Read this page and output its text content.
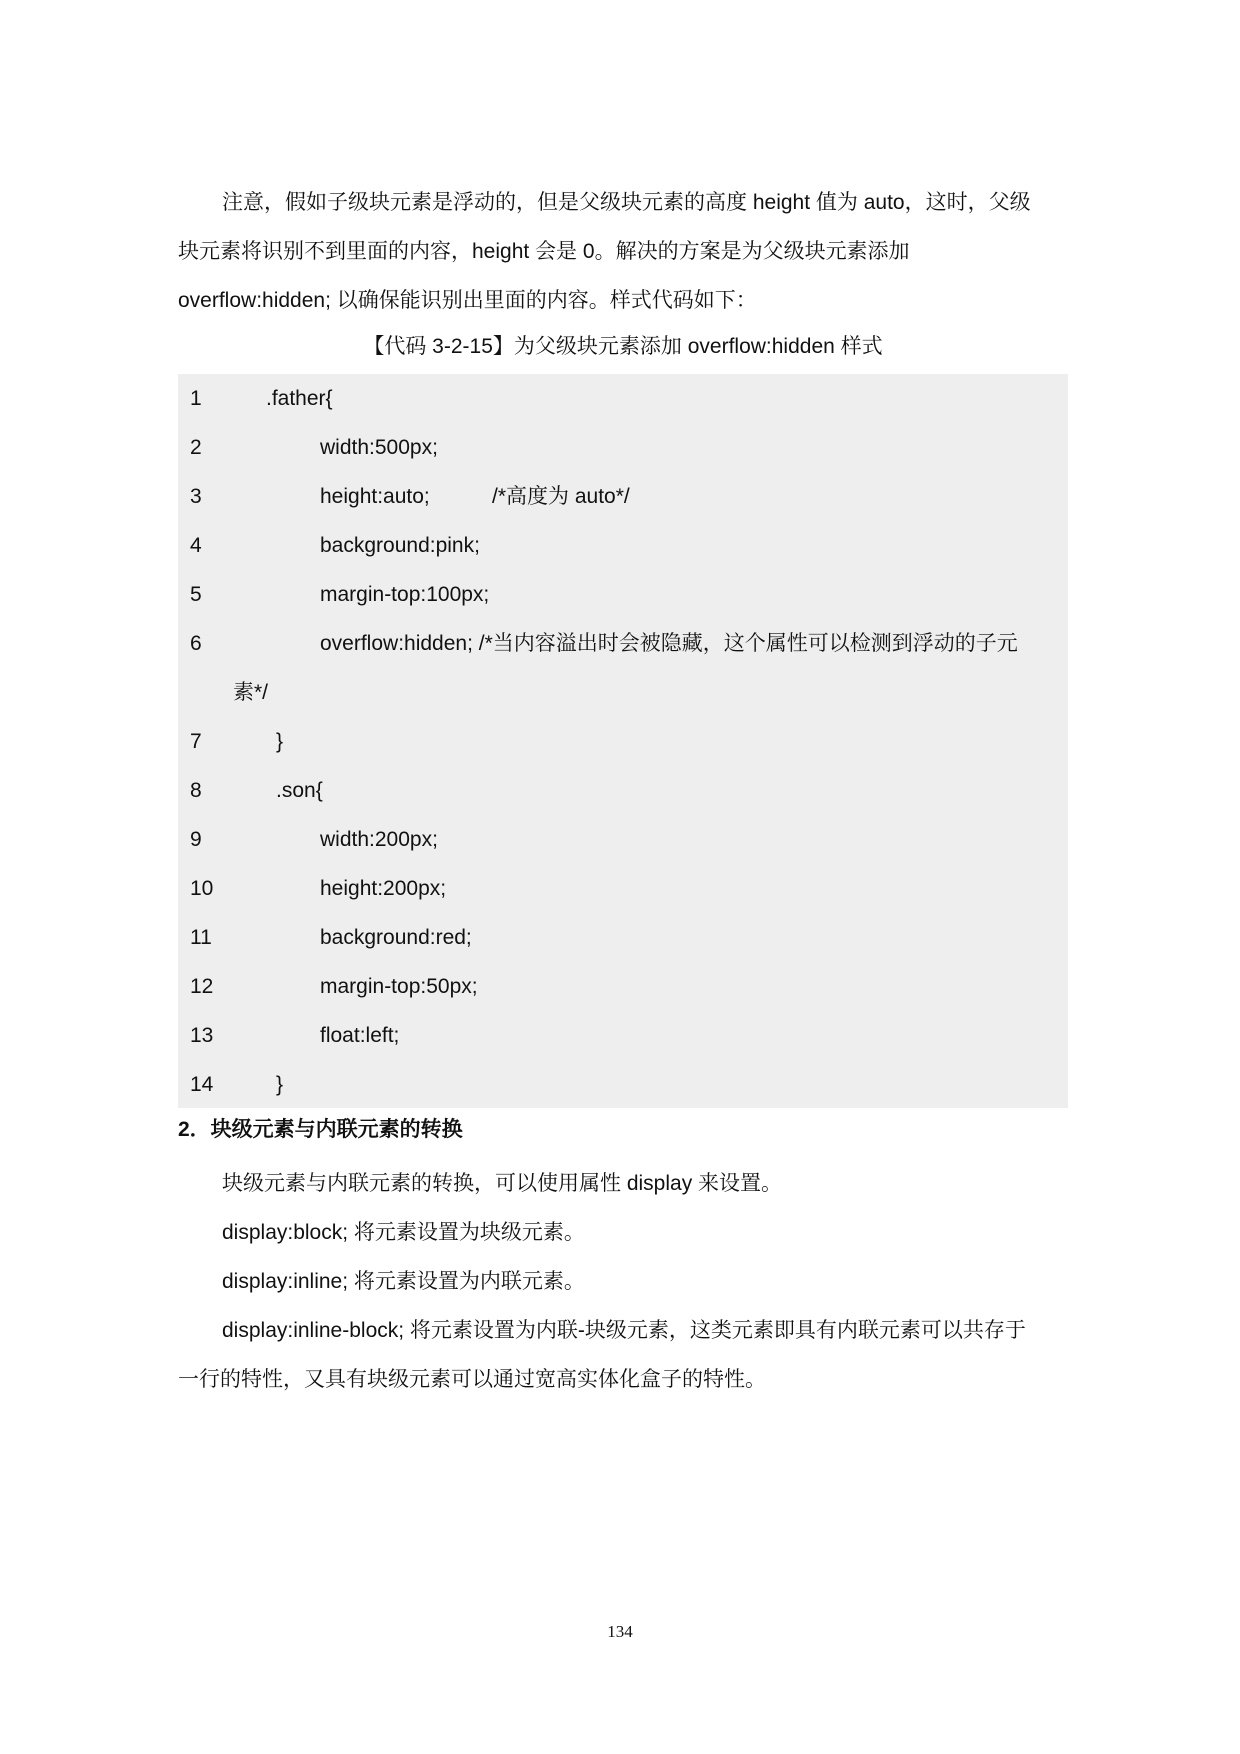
注意，假如子级块元素是浮动的，但是父级块元素的高度 height 值为 auto，这时，父级
块元素将识别不到里面的内容，height 会是 0。解决的方案是为父级块元素添加
overflow:hidden; 以确保能识别出里面的内容。样式代码如下：
【代码 3-2-15】为父级块元素添加 overflow:hidden 样式
1	.father{
2	width:500px;
3	height:auto;	/*高度为 auto*/
4	background:pink;
5	margin-top:100px;
6	overflow:hidden; /*当内容溢出时会被隐藏，这个属性可以检测到浮动的子元
素*/
7	}
8	.son{
9	width:200px;
10	height:200px;
11	background:red;
12	margin-top:50px;
13	float:left;
14	}
2．块级元素与内联元素的转换
块级元素与内联元素的转换，可以使用属性 display 来设置。
display:block; 将元素设置为块级元素。
display:inline; 将元素设置为内联元素。
display:inline-block; 将元素设置为内联-块级元素，这类元素即具有内联元素可以共存于
一行的特性，又具有块级元素可以通过宽高实体化盒子的特性。
134
